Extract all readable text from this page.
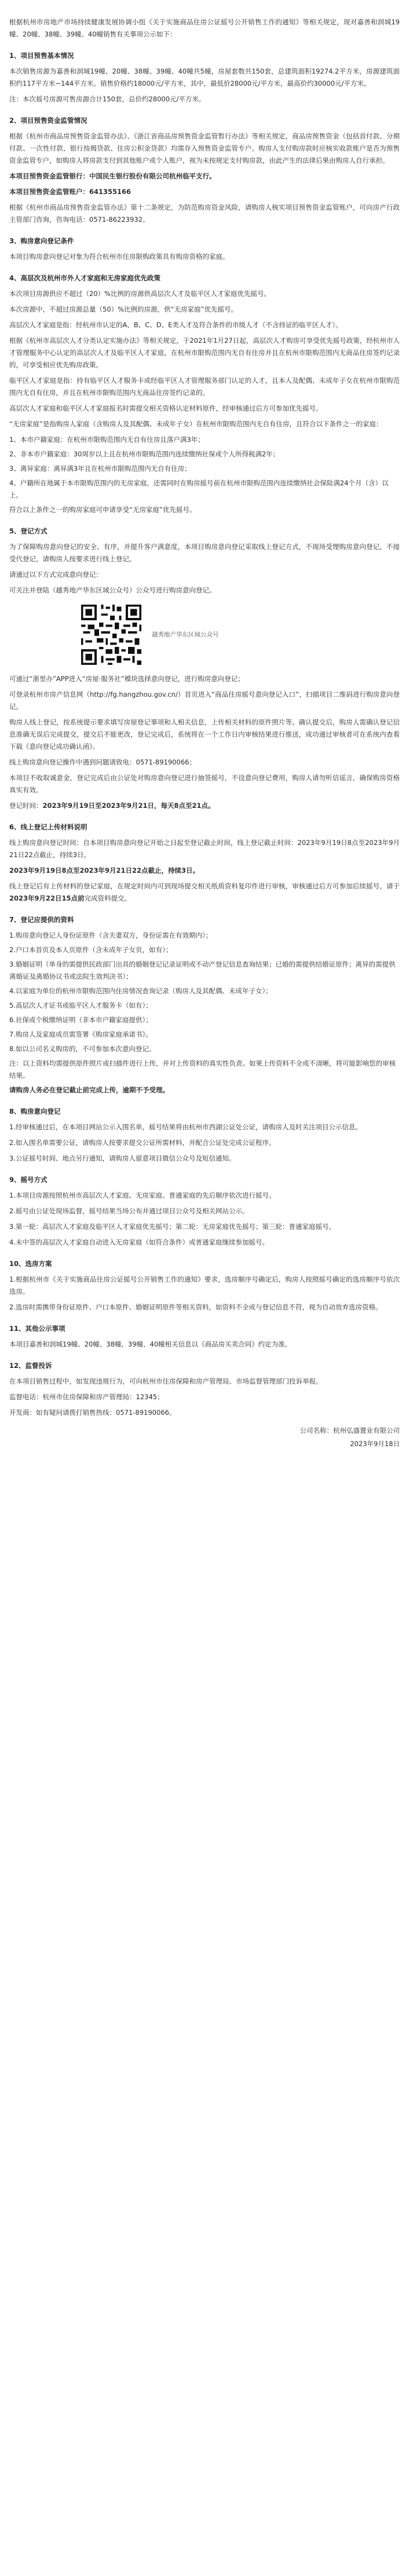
根据杭州市房地产市场持续健康发展协调小组《关于实施商品住房公证摇号公开销售工作的通知》等相关规定，现对嘉善和润城19幢、20幢、38幢、39幢、40幢销售有关事项公示如下：

1、项目预售基本情况

本次销售房源为嘉善和润城19幢、20幢、38幢、39幢、40幢共5幢，房屋套数共150套，总建筑面积19274.2平方米，房源建筑面积约117平方米~144平方米。销售价格约18000元/平方米，其中，最低价28000元/平方米，最高价约30000元/平方米。

注：本次摇号房源可售房源合计150套，总价约28000元/平方米。

2、项目预售资金监管情况

根据《杭州市商品房预售资金监管办法》、《浙江省商品房预售资金监管暂行办法》等相关规定，商品房预售资金（包括首付款、分期付款、一次性付款、银行按揭贷款、住房公积金贷款）均需存入预售资金监管专户。购房人支付购房款时应核实收款账户是否为预售资金监管专户，如购房人将房款支付到其他账户或个人账户，视为未按规定支付购房款，由此产生的法律后果由购房人自行承担。

本项目预售资金监管银行：中国民生银行股份有限公司杭州临平支行。

本项目预售资金监管账户：641355166

根据《杭州市商品房预售资金监管办法》第十二条规定，为防范购房资金风险，请购房人核实项目预售资金监管账户，可向房产行政主管部门咨询，咨询电话：0571-86223932。

3、购房意向登记条件

本项目购房意向登记对象为符合杭州市住房限购政策具有购房资格的家庭。

4、高层次及杭州市外人才家庭和无房家庭优先政策

本次项目房源供应不超过（20）%比例的房源供高层次人才及临平区人才家庭优先摇号。

本次房源中，不超过房源总量（50）%比例的房源，供“无房家庭”优先摇号。

高层次人才家庭是指：经杭州市认定的A、B、C、D、E类人才及符合条件的市级人才（不含持证的临平区人才）。

根据《杭州市高层次人才分类认定实施办法》等相关规定，于2021年1月27日起，高层次人才购房可享受优先摇号政策，经杭州市人才管理服务中心认定的高层次人才及临平区人才家庭，在杭州市限购范围内无自有住房并且在杭州市限购范围内无商品住房签约记录的，可享受相应优先购房政策。

临平区人才家庭是指：持有临平区人才服务卡或经临平区人才管理服务部门认定的人才，且本人及配偶、未成年子女在杭州市限购范围内无自有住房，并且在杭州市限购范围内无商品住房签约记录的。

高层次人才家庭和临平区人才家庭报名时需提交相关资格认定材料原件，经审核通过后方可参加优先摇号。

“无房家庭”是指购房人家庭（含购房人及其配偶、未成年子女）在杭州市限购范围内无自有住房，且符合以下条件之一的家庭：

1、本市户籍家庭：在杭州市限购范围内无自有住房且落户满3年；

2、非本市户籍家庭：30周岁以上且在杭州市限购范围内连续缴纳社保或个人所得税满2年；

3、离异家庭：离异满3年且在杭州市限购范围内无自有住房；

4、户籍所在地属于本市限购范围内的无房家庭，还需同时在购房摇号前在杭州市限购范围内连续缴纳社会保险满24个月（含）以上。

符合以上条件之一的购房家庭可申请享受“无房家庭”优先摇号。

5、登记方式

为了保障购房意向登记的安全、有序，并提升客户满意度，本项目购房意向登记采取线上登记方式，不现场受理购房意向登记，不接受代登记，请购房人按要求进行线上登记。

请通过以下方式完成意向登记：

可关注并登陆（越秀地产华东区域公众号）公众号进行购房意向登记。

越秀地产华东区域公众号

可通过“浙里办”APP进入“房屋·服务社”模块选择意向登记，进行购房意向登记；

可登录杭州市房产信息网（http://fg.hangzhou.gov.cn/）首页进入“商品住房摇号意向登记入口”，扫描项目二维码进行购房意向登记。

购房人线上登记，按系统提示要求填写房屋登记事项和人相关信息，上传相关材料的原件照片等。确认提交后，购房人需确认登记信息准确无误后完成提交，提交后不能更改，登记完成后，系统将在一个工作日内审核结果进行推送，成功通过审核者可在系统内查看下载《意向登记成功确认函》。

线上购房意向登记操作中遇到问题请致电：0571-89190066；

本项目不收取诚意金，登记完成后由公证处对购房意向登记进行抽签摇号，不设意向登记费用，购房人请勿听信谣言，确保购房资格真实有效。

登记时间：2023年9月19日至2023年9月21日，每天8点至21点。

6、线上登记上传材料说明

线上购房意向登记时间：自本项目购房意向登记开始之日起至登记截止时间，线上登记截止时间：2023年9月19日8点至2023年9月21日22点截止，持续3日。

2023年9月19日8点至2023年9月21日22点截止，持续3日。

线上登记后有上传材料的登记家庭，在规定时间内可到现场提交相关纸质资料复印件进行审核，审核通过后方可参加后续摇号，请于2023年9月22日15点前完成资料提交。

7、登记应提供的资料

1.购房意向登记人身份证原件（含夫妻双方，身份证需在有效期内）；

2.户口本首页及本人页原件（含未成年子女页，如有）；

3.婚姻证明（单身的需提供民政部门出具的婚姻登记记录证明或不动产登记信息查询结果；已婚的需提供结婚证原件；离异的需提供离婚证及离婚协议书或法院生效判决书）；

4.以家庭为单位的杭州市限购范围内住房情况查询记录（购房人及其配偶、未成年子女）；

5.高层次人才证书或临平区人才服务卡（如有）；

6.社保或个税缴纳证明（非本市户籍家庭提供）；

7.购房人及家庭成员需签署《购房家庭承诺书》。

8.如以公司名义购房的，不可参加本次意向登记。

注：以上资料均需提供原件照片或扫描件进行上传，并对上传资料的真实性负责。如果上传资料不全或不清晰，将可能影响您的审核结果。

请购房人务必在登记截止前完成上传，逾期不予受理。

8、购房意向登记

1.经审核通过后，在本项目网站公示入围名单，摇号结果将由杭州市西湖公证处公证，请购房人及时关注项目公示信息。

2.如入围名单需要公证，请购房人按要求提交公证所需材料，并配合公证处完成公证程序。

3.公证摇号时间、地点另行通知，请购房人留意项目微信公众号及短信通知。

9、摇号方式

1.本项目房源按照杭州市高层次人才家庭、无房家庭、普通家庭的先后顺序依次进行摇号。

2.摇号由公证处现场监督，摇号结果当场公布并通过项目公众号及相关网站公示。

3.第一轮：高层次人才家庭及临平区人才家庭优先摇号；第二轮：无房家庭优先摇号；第三轮：普通家庭摇号。

4.未中签的高层次人才家庭自动进入无房家庭（如符合条件）或普通家庭继续参加摇号。

10、选房方案

1.根据杭州市《关于实施商品住房公证摇号公开销售工作的通知》要求，选房顺序号确定后，购房人按照摇号确定的选房顺序号依次选房。

2.选房时需携带身份证原件、户口本原件、婚姻证明原件等相关资料，如资料不全或与登记信息不符，视为自动放弃选房资格。

11、其他公示事项

本项目嘉善和润城19幢、20幢、38幢、39幢、40幢相关信息以《商品房买卖合同》约定为准。

12、监督投诉

在本项目销售过程中，如发现违规行为，可向杭州市住房保障和房产管理局、市场监督管理部门投诉举报。

监督电话：杭州市住房保障和房产管理局：12345；

开发商：如有疑问请拨打销售热线：0571-89190066。

公司名称：杭州弘盛置业有限公司
2023年9月18日
